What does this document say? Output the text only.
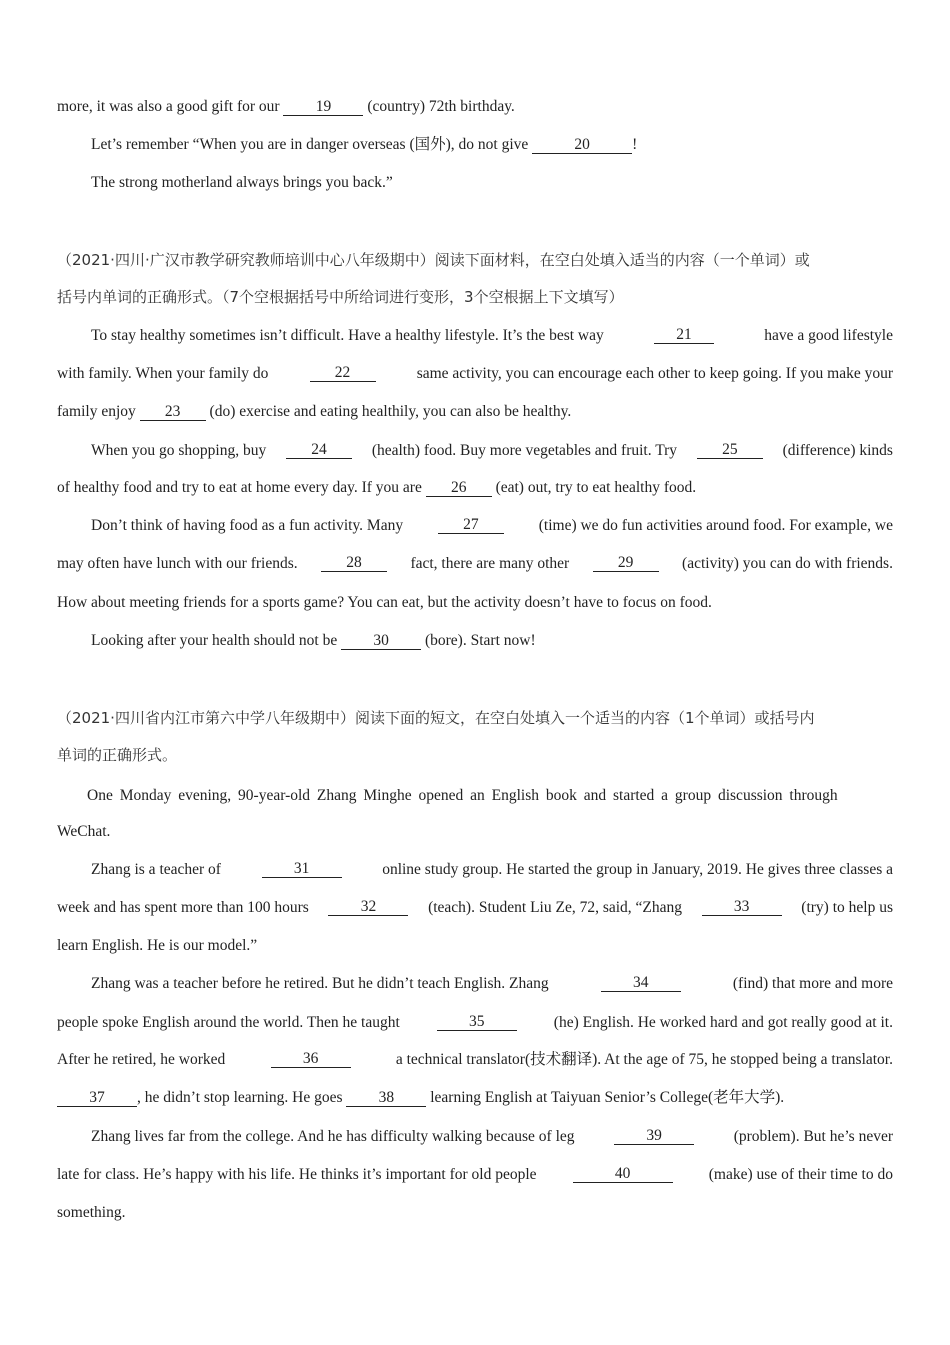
more, it was also a good gift for our 19 (country) 72th birthday.
Let’s remember “When you are in danger overseas (国外), do not give	20	!
The strong motherland always brings you back.”
（2021·四川·广汉市教学研究教师培训中心八年级期中）阅读下面材料，在空白处填入适当的内容（一个单词）或
括号内单词的正确形式。（7个空根据括号中所给词进行变形，3个空根据上下文填写）
To stay healthy sometimes isn’t difficult. Have a healthy lifestyle. It’s the best way	21	have a good lifestyle
with family. When your family do	22	same activity, you can encourage each other to keep going. If you make your
family enjoy 23 (do) exercise and eating healthily, you can also be healthy.
When you go shopping, buy	24	(health) food. Buy more vegetables and fruit. Try	25	(difference) kinds
of healthy food and try to eat at home every day. If you are 26 (eat) out, try to eat healthy food.
Don’t think of having food as a fun activity. Many	27	(time) we do fun activities around food. For example, we
may often have lunch with our friends.	28	fact, there are many other	29	(activity) you can do with friends.
How about meeting friends for a sports game? You can eat, but the activity doesn’t have to focus on food.
Looking after your health should not be 30 (bore). Start now!
（2021·四川省内江市第六中学八年级期中）阅读下面的短文，在空白处填入一个适当的内容（1个单词）或括号内
单词的正确形式。
One Monday evening, 90-year-old Zhang Minghe opened an English book and started a group discussion through
WeChat.
Zhang is a teacher of	31	online study group. He started the group in January, 2019. He gives three classes a
week and has spent more than 100 hours	32	(teach). Student Liu Ze, 72, said, “Zhang	33	(try) to help us
learn English. He is our model.”
Zhang was a teacher before he retired. But he didn’t teach English. Zhang	34	(find) that more and more
people spoke English around the world. Then he taught	35	(he) English. He worked hard and got really good at it.
After he retired, he worked	36	a technical translator(技术翻译). At the age of 75, he stopped being a translator.
37 , he didn’t stop learning. He goes 38 learning English at Taiyuan Senior’s College(老年大学).
Zhang lives far from the college. And he has difficulty walking because of leg	39	(problem). But he’s never
late for class. He’s happy with his life. He thinks it’s important for old people	40	(make) use of their time to do
something.
